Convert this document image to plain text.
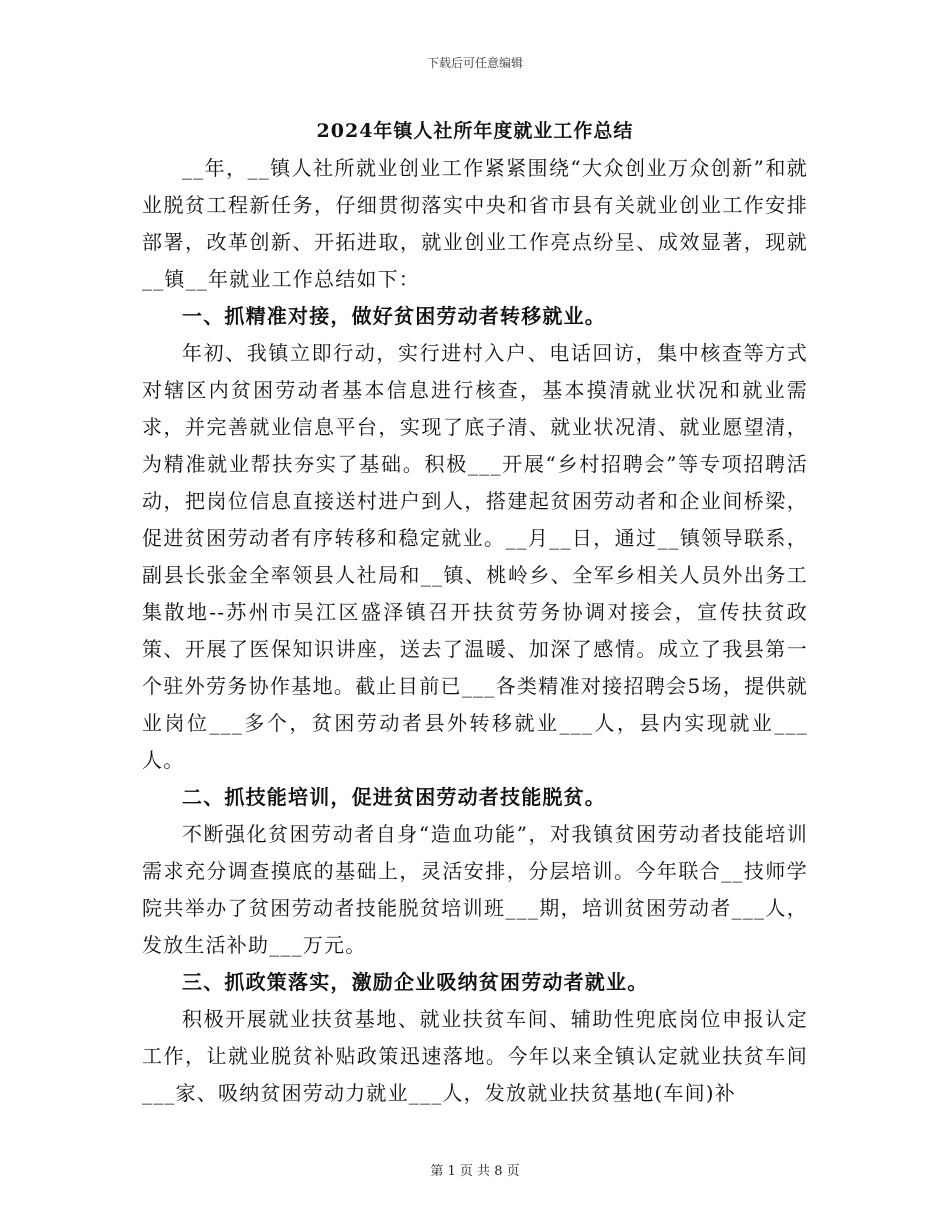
下载后可任意编辑
2024年镇人社所年度就业工作总结

__年，__镇人社所就业创业工作紧紧围绕“大众创业万众创新”和就业脱贫工程新任务，仔细贯彻落实中央和省市县有关就业创业工作安排部署，改革创新、开拓进取，就业创业工作亮点纷呈、成效显著，现就__镇__年就业工作总结如下：

一、抓精准对接，做好贫困劳动者转移就业。

年初、我镇立即行动，实行进村入户、电话回访，集中核查等方式对辖区内贫困劳动者基本信息进行核查，基本摸清就业状况和就业需求，并完善就业信息平台，实现了底子清、就业状况清、就业愿望清，为精准就业帮扶夯实了基础。积极___开展“乡村招聘会”等专项招聘活动，把岗位信息直接送村进户到人，搭建起贫困劳动者和企业间桥梁，促进贫困劳动者有序转移和稳定就业。__月__日，通过__镇领导联系，副县长张金全率领县人社局和__镇、桃岭乡、全军乡相关人员外出务工集散地--苏州市吴江区盛泽镇召开扶贫劳务协调对接会，宣传扶贫政策、开展了医保知识讲座，送去了温暖、加深了感情。成立了我县第一个驻外劳务协作基地。截止目前已___各类精准对接招聘会5场，提供就业岗位___多个，贫困劳动者县外转移就业___人，县内实现就业___人。

二、抓技能培训，促进贫困劳动者技能脱贫。

不断强化贫困劳动者自身“造血功能”，对我镇贫困劳动者技能培训需求充分调查摸底的基础上，灵活安排，分层培训。今年联合__技师学院共举办了贫困劳动者技能脱贫培训班___期，培训贫困劳动者___人，发放生活补助___万元。

三、抓政策落实，激励企业吸纳贫困劳动者就业。

积极开展就业扶贫基地、就业扶贫车间、辅助性兜底岗位申报认定工作，让就业脱贫补贴政策迅速落地。今年以来全镇认定就业扶贫车间___家、吸纳贫困劳动力就业___人，发放就业扶贫基地(车间)补

第 1 页 共 8 页
